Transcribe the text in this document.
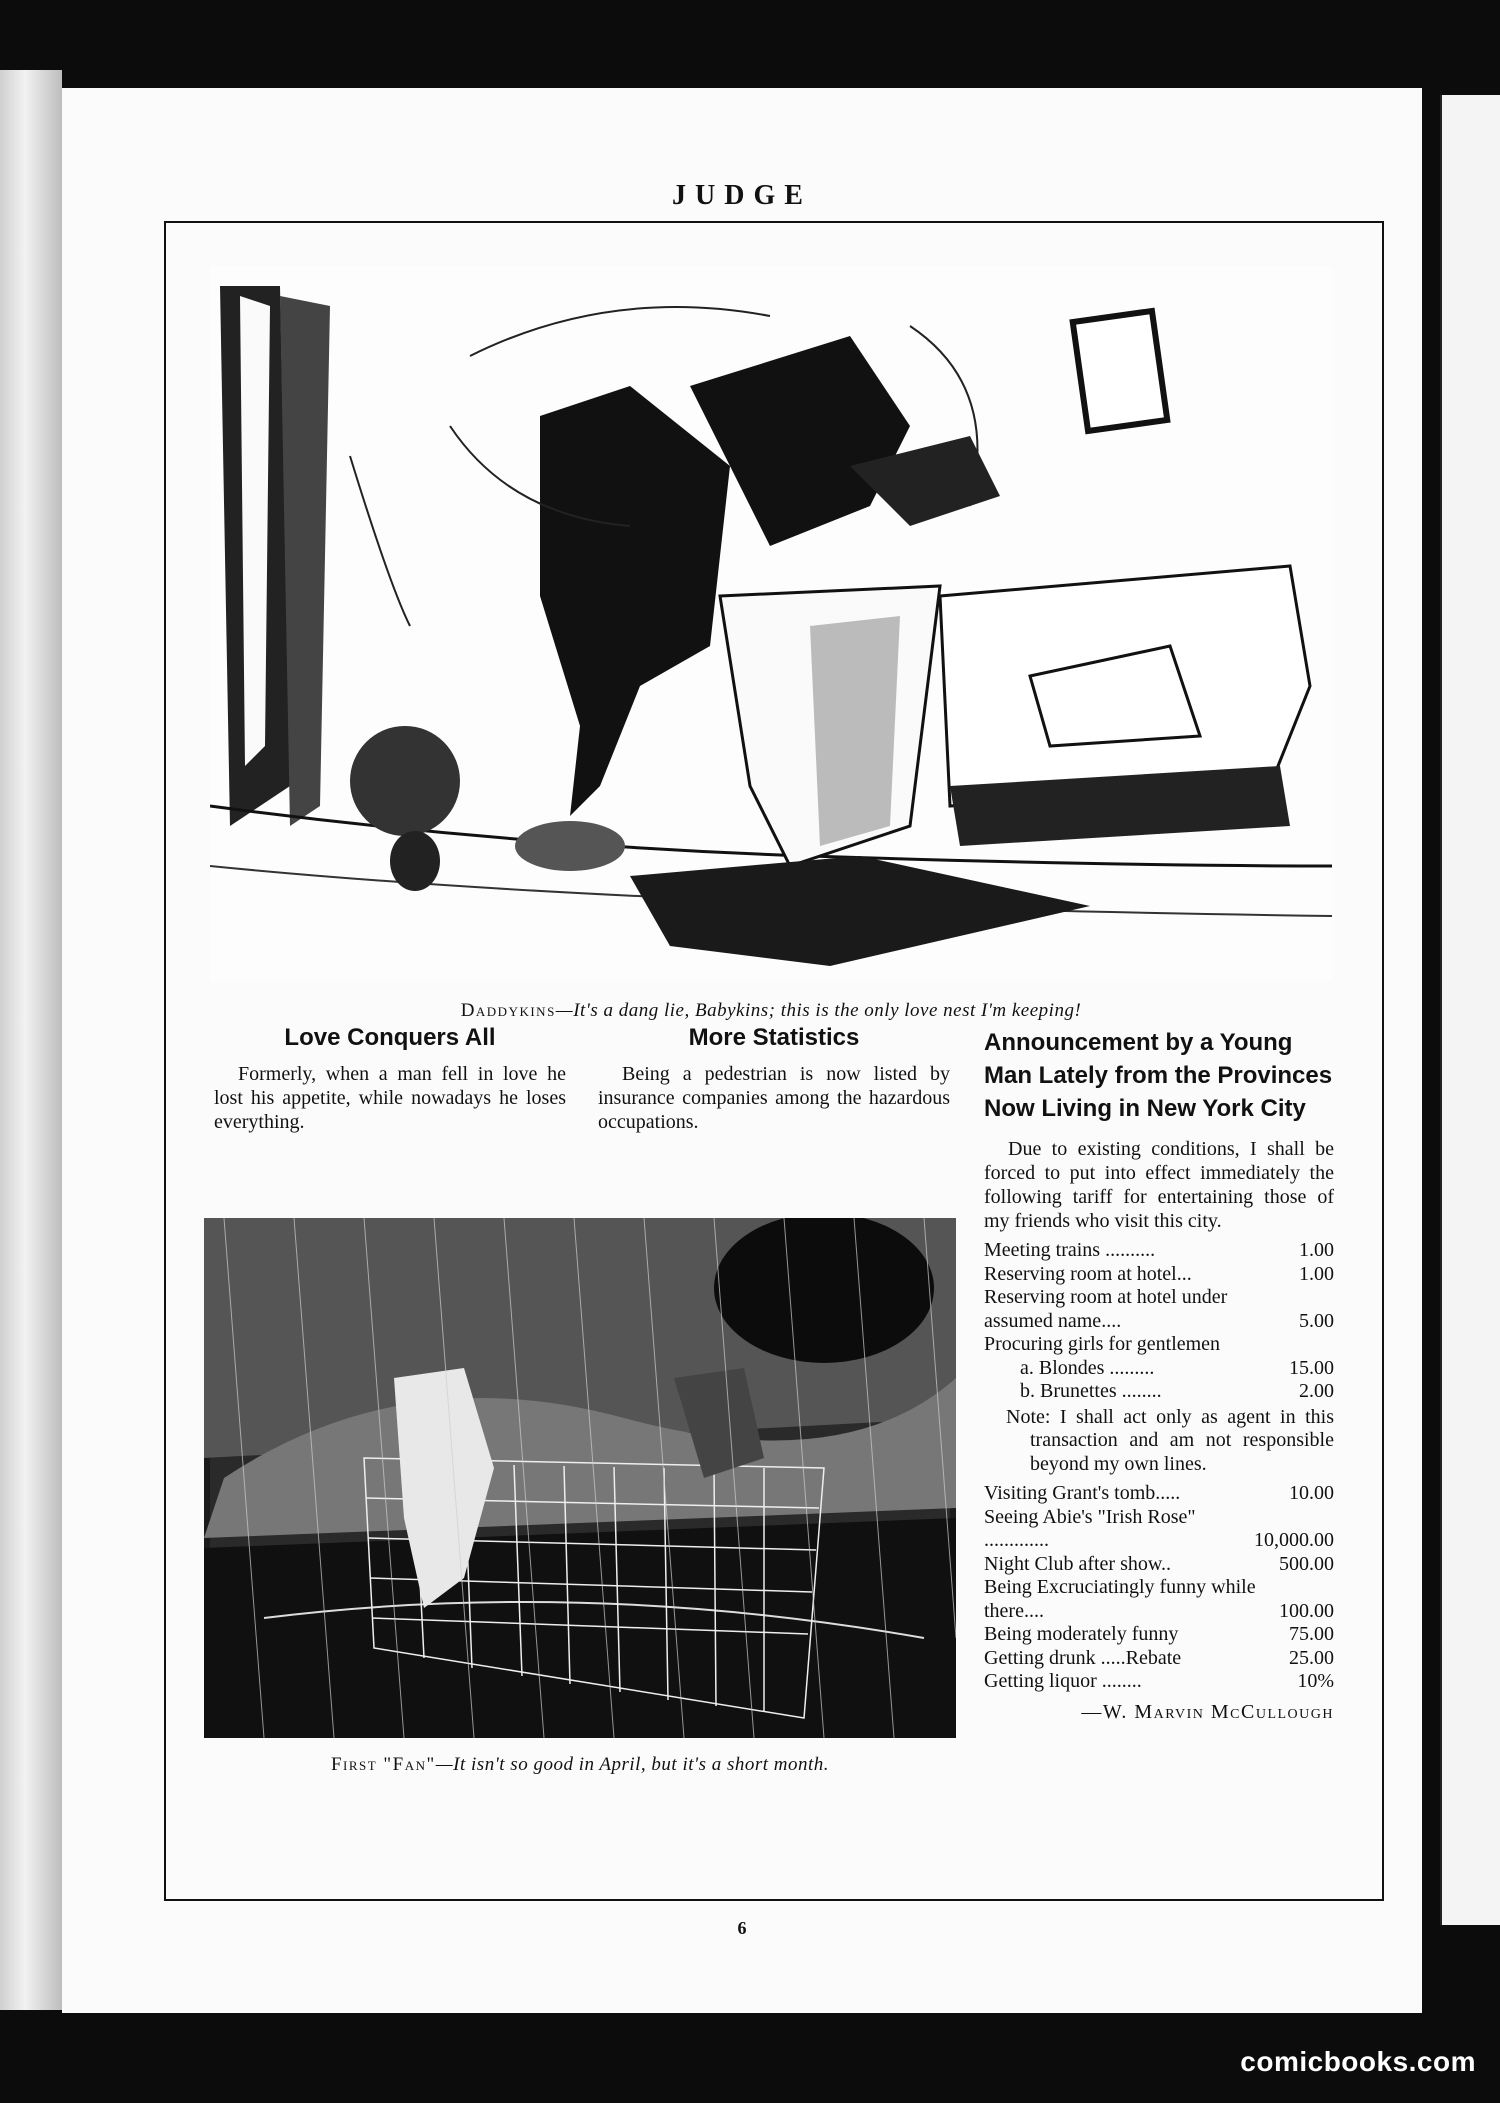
JUDGE
Daddykins—It's a dang lie, Babykins; this is the only love nest I'm keeping!
Love Conquers All

Formerly, when a man fell in love he lost his appetite, while nowadays he loses everything.

More Statistics

Being a pedestrian is now listed by insurance companies among the hazardous occupations.

First "Fan"—It isn't so good in April, but it's a short month.
Announcement by a Young Man Lately from the Provinces Now Living in New York City

Due to existing conditions, I shall be forced to put into effect immediately the following tariff for entertaining those of my friends who visit this city.

Meeting trains ..........	1.00
Reserving room at hotel...	1.00
Reserving room at hotel under assumed name....	5.00
Procuring girls for gentlemen
a. Blondes .........	15.00
b. Brunettes ........	2.00
Note: I shall act only as agent in this transaction and am not responsible beyond my own lines.
Visiting Grant's tomb.....	10.00
Seeing Abie's "Irish Rose" .............	10,000.00
Night Club after show..	500.00
Being Excruciatingly funny while there....	100.00
Being moderately funny	75.00
Getting drunk .....Rebate	25.00
Getting liquor ........	10%
—W. Marvin McCullough
6
comicbooks.com
